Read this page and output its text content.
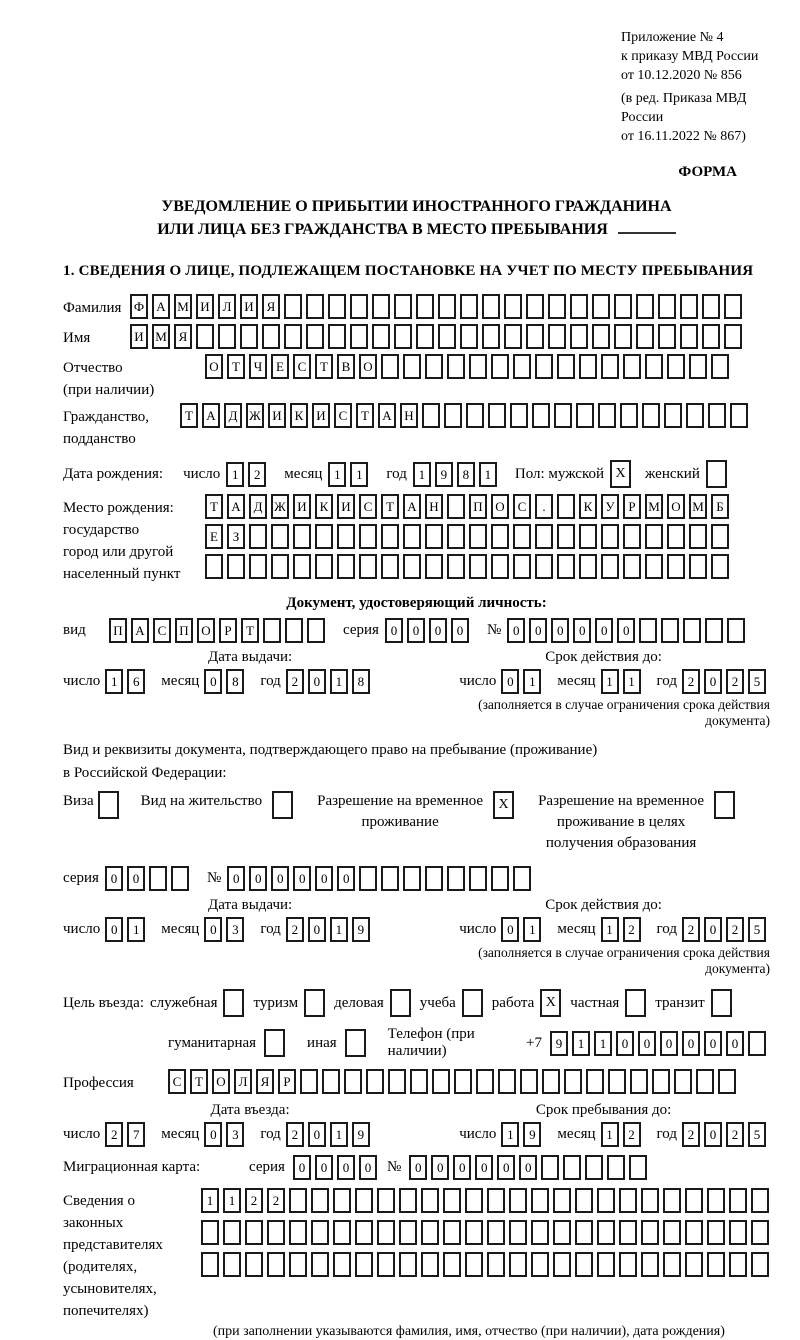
Приложение № 4
к приказу МВД России
от 10.12.2020 № 856
(в ред. Приказа МВД России
от 16.11.2022 № 867)
ФОРМА
УВЕДОМЛЕНИЕ О ПРИБЫТИИ ИНОСТРАННОГО ГРАЖДАНИНА
ИЛИ ЛИЦА БЕЗ ГРАЖДАНСТВА В МЕСТО ПРЕБЫВАНИЯ
1. СВЕДЕНИЯ О ЛИЦЕ, ПОДЛЕЖАЩЕМ ПОСТАНОВКЕ НА УЧЕТ ПО МЕСТУ ПРЕБЫВАНИЯ
Фамилия Ф А М И Л И Я
Имя	И М Я
Отчество
(при наличии)
О	Т	Ч	Е	С	Т	В О
Гражданство,
подданство
Т	А Д Ж И К И С	Т	А Н
Дата рождения: число 1	2	месяц 1	1	год 1	9	8	1	Пол: мужской X	женский
Место рождения:
государство
город или другой
населенный пункт
Т	А Д Ж И К И С	Т	А Н	П О С	.	К	У	Р М О М Б
Е	З
Документ, удостоверяющий личность:
вид	П А С П О	Р	Т	серия 0	0	0	0	№ 0	0	0	0	0	0
Дата выдачи:
число 1	6	месяц 0	8	год 2	0	1	8
Срок действия до:
число 0	1	месяц 1	1	год 2	0	2	5
(заполняется в случае ограничения срока действия документа)
Вид и реквизиты документа, подтверждающего право на пребывание (проживание)
в Российской Федерации:
Виза	Вид на жительство	Разрешение на временное
проживание
X	Разрешение на временное
проживание в целях
получения образования
серия 0	0	№ 0	0	0	0	0	0
Дата выдачи:
число 0	1	месяц 0	3	год 2	0	1	9
Срок действия до:
число 0	1	месяц 1	2	год 2	0	2	5
(заполняется в случае ограничения срока действия документа)
Цель въезда: служебная туризм деловая учеба работа X частная транзит
гуманитарная	иная
Телефон (при наличии)
+7	9	1	1	0	0	0	0	0	0
Профессия	С	Т	О Л	Я	Р
Дата въезда:
число 2	7	месяц 0	3	год 2	0	1	9
Срок пребывания до:
число 1	9	месяц 1	2	год 2	0	2	5
Миграционная карта:	серия	0	0	0	0	№	0	0	0	0	0	0
Сведения о
законных
представителях
(родителях,
усыновителях,
попечителях)
1	1	2	2
(при заполнении указываются фамилия, имя, отчество (при наличии), дата рождения)
